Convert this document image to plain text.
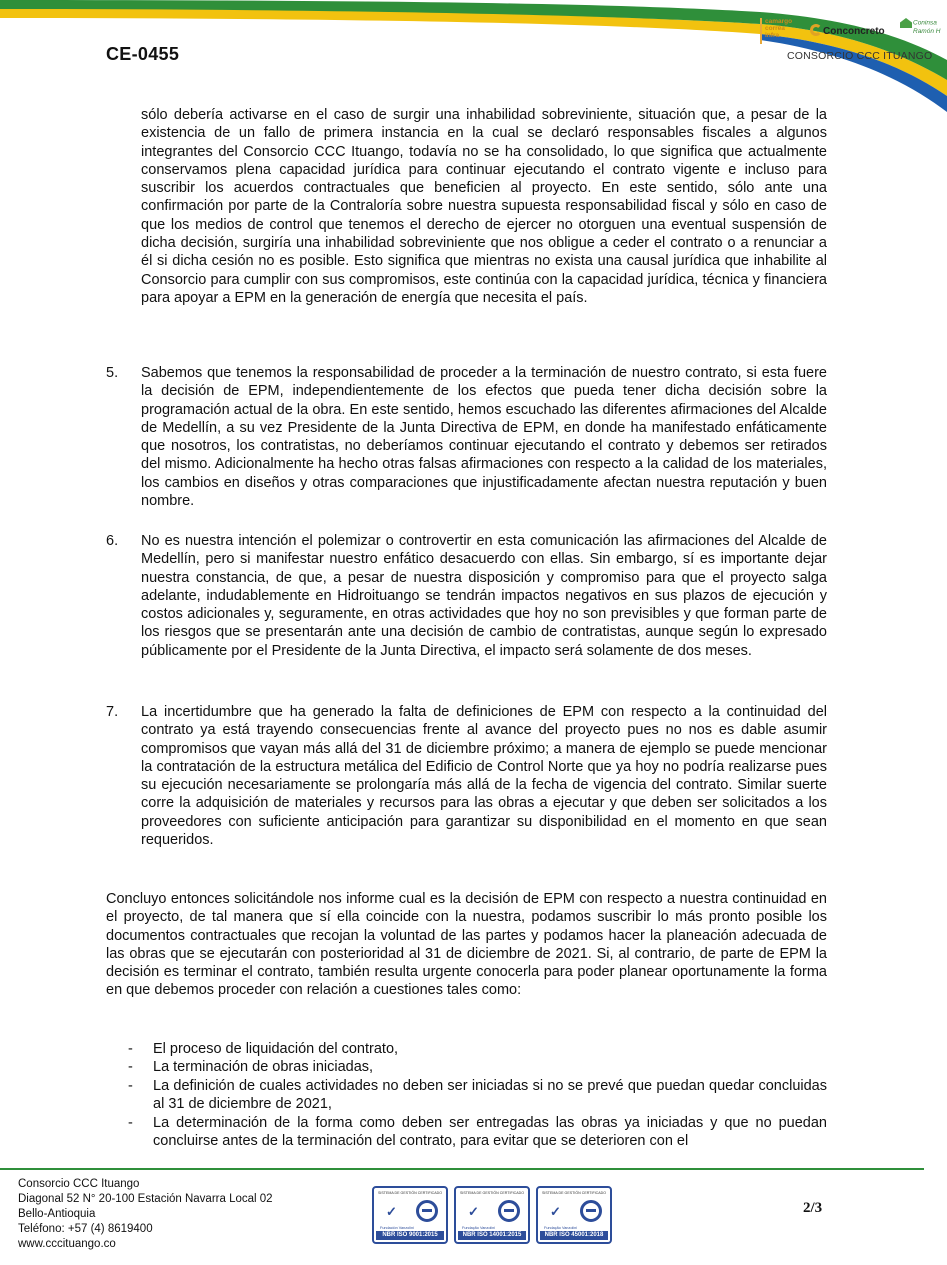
CE-0455
camargo
corrêa
infra	Conconcreto
Coninsa
Ramón H
CONSORCIO CCC ITUANGO
sólo debería activarse en el caso de surgir una inhabilidad sobreviniente, situación que, a pesar de la existencia de un fallo de primera instancia en la cual se declaró responsables fiscales a algunos integrantes del Consorcio CCC Ituango, todavía no se ha consolidado, lo que significa que actualmente conservamos plena capacidad jurídica para continuar ejecutando el contrato vigente e incluso para suscribir los acuerdos contractuales que beneficien al proyecto. En este sentido, sólo ante una confirmación por parte de la Contraloría sobre nuestra supuesta responsabilidad fiscal y sólo en caso de que los medios de control que tenemos el derecho de ejercer no otorguen una eventual suspensión de dicha decisión, surgiría una inhabilidad sobreviniente que nos obligue a ceder el contrato o a renunciar a él si dicha cesión no es posible. Esto significa que mientras no exista una causal jurídica que inhabilite al Consorcio para cumplir con sus compromisos, este continúa con la capacidad jurídica, técnica y financiera para apoyar a EPM en la generación de energía que necesita el país.
5. Sabemos que tenemos la responsabilidad de proceder a la terminación de nuestro contrato, si esta fuere la decisión de EPM, independientemente de los efectos que pueda tener dicha decisión sobre la programación actual de la obra. En este sentido, hemos escuchado las diferentes afirmaciones del Alcalde de Medellín, a su vez Presidente de la Junta Directiva de EPM, en donde ha manifestado enfáticamente que nosotros, los contratistas, no deberíamos continuar ejecutando el contrato y debemos ser retirados del mismo. Adicionalmente ha hecho otras falsas afirmaciones con respecto a la calidad de los materiales, los cambios en diseños y otras comparaciones que injustificadamente afectan nuestra reputación y buen nombre.
6. No es nuestra intención el polemizar o controvertir en esta comunicación las afirmaciones del Alcalde de Medellín, pero si manifestar nuestro enfático desacuerdo con ellas. Sin embargo, sí es importante dejar nuestra constancia, de que, a pesar de nuestra disposición y compromiso para que el proyecto salga adelante, indudablemente en Hidroituango se tendrán impactos negativos en sus plazos de ejecución y costos adicionales y, seguramente, en otras actividades que hoy no son previsibles y que forman parte de los riesgos que se presentarán ante una decisión de cambio de contratistas, aunque según lo expresado públicamente por el Presidente de la Junta Directiva, el impacto será solamente de dos meses.
7. La incertidumbre que ha generado la falta de definiciones de EPM con respecto a la continuidad del contrato ya está trayendo consecuencias frente al avance del proyecto pues no nos es dable asumir compromisos que vayan más allá del 31 de diciembre próximo; a manera de ejemplo se puede mencionar la contratación de la estructura metálica del Edificio de Control Norte que ya hoy no podría realizarse pues su ejecución necesariamente se prolongaría más allá de la fecha de vigencia del contrato. Similar suerte corre la adquisición de materiales y recursos para las obras a ejecutar y que deben ser solicitados a los proveedores con suficiente anticipación para garantizar su disponibilidad en el momento en que sean requeridos.
Concluyo entonces solicitándole nos informe cual es la decisión de EPM con respecto a nuestra continuidad en el proyecto, de tal manera que sí ella coincide con la nuestra, podamos suscribir lo más pronto posible los documentos contractuales que recojan la voluntad de las partes y podamos hacer la planeación adecuada de las obras que se ejecutarán con posterioridad al 31 de diciembre de 2021. Si, al contrario, de parte de EPM la decisión es terminar el contrato, también resulta urgente conocerla para poder planear oportunamente la forma en que debemos proceder con relación a cuestiones tales como:
- El proceso de liquidación del contrato,
- La terminación de obras iniciadas,
- La definición de cuales actividades no deben ser iniciadas si no se prevé que puedan quedar concluidas al 31 de diciembre de 2021,
- La determinación de la forma como deben ser entregadas las obras ya iniciadas y que no puedan concluirse antes de la terminación del contrato, para evitar que se deterioren con el
Consorcio CCC Ituango
Diagonal 52 N° 20-100 Estación Navarra Local 02
Bello-Antioquia
Teléfono: +57 (4) 8619400
www.cccituango.co
SISTEMA DE GESTIÓN CERTIFICADO
✓
Fundación Vanzolini
NBR ISO 9001:2015
SISTEMA DE GESTIÓN CERTIFICADO
✓
Fundação Vanzolini
NBR ISO 14001:2015
SISTEMA DE GESTIÓN CERTIFICADO
✓
Fundação Vanzolini
NBR ISO 45001:2018
2/3
